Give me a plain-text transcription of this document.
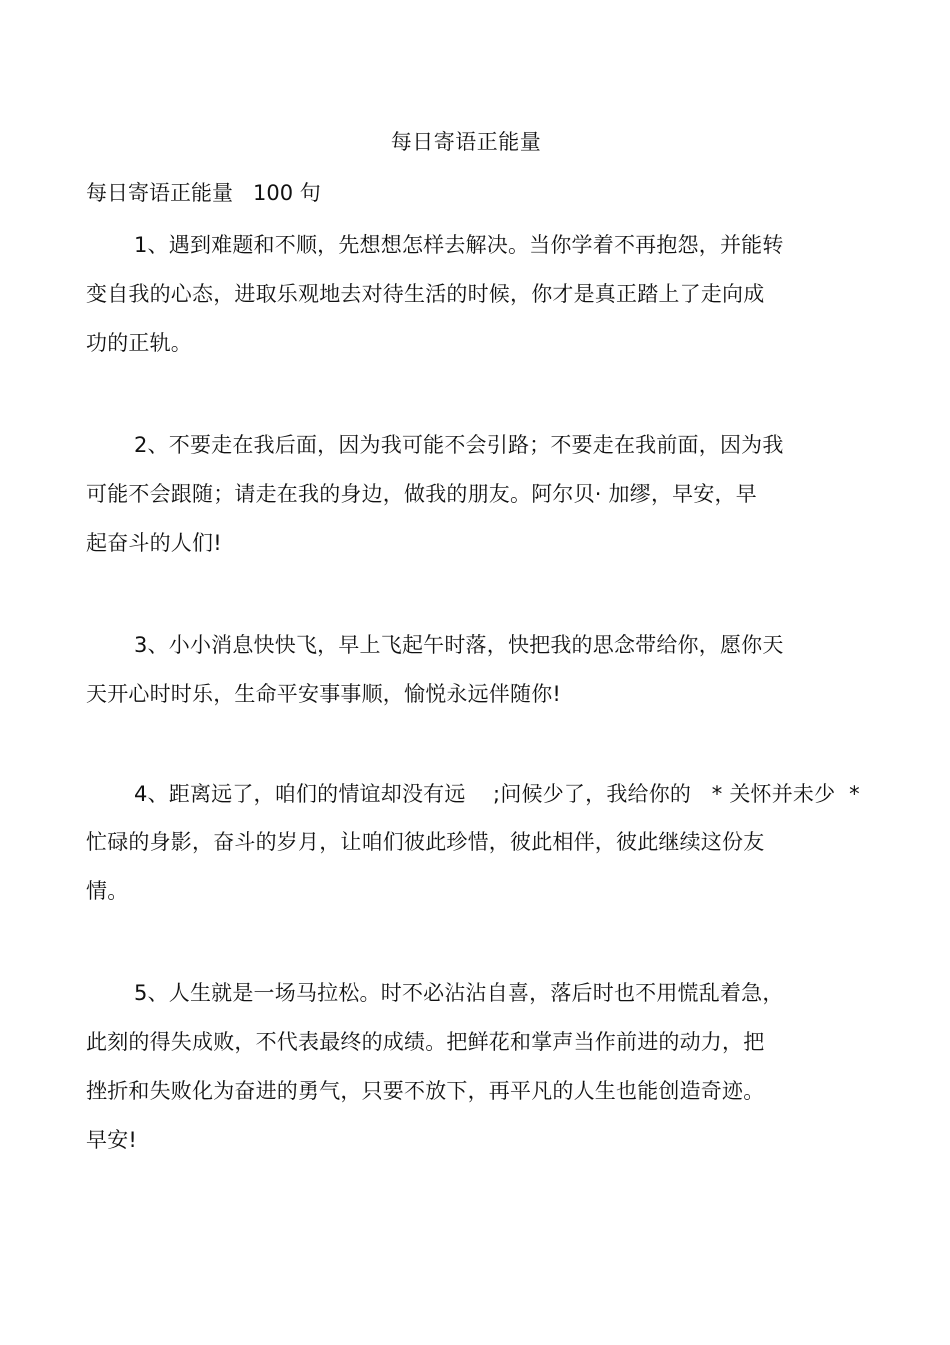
每日寄语正能量
每日寄语正能量   100 句
1、遇到难题和不顺，先想想怎样去解决。当你学着不再抱怨，并能转
变自我的心态，进取乐观地去对待生活的时候，你才是真正踏上了走向成
功的正轨。
2、不要走在我后面，因为我可能不会引路；不要走在我前面，因为我
可能不会跟随；请走在我的身边，做我的朋友。阿尔贝· 加缪，早安，早
起奋斗的人们!
3、小小消息快快飞，早上飞起午时落，快把我的思念带给你，愿你天
天开心时时乐，生命平安事事顺，愉悦永远伴随你!
4、距离远了，咱们的情谊却没有远    ;问候少了，我给你的   * 关怀并未少  *
忙碌的身影，奋斗的岁月，让咱们彼此珍惜，彼此相伴，彼此继续这份友
情。
5、人生就是一场马拉松。时不必沾沾自喜，落后时也不用慌乱着急，
此刻的得失成败，不代表最终的成绩。把鲜花和掌声当作前进的动力，把
挫折和失败化为奋进的勇气，只要不放下，再平凡的人生也能创造奇迹。
早安!
